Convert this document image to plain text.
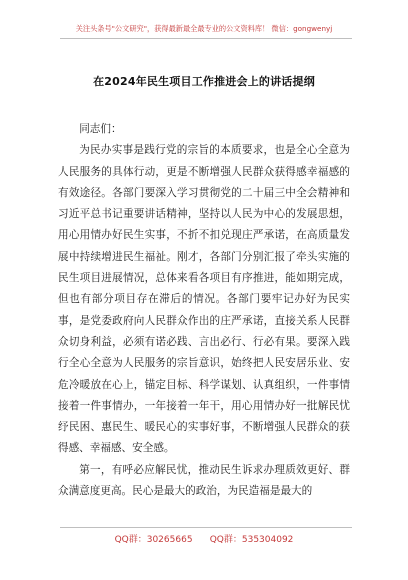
关注头条号"公文研究"，获得最新最全最专业的公文资料库！ 微信：gongwenyj
在2024年民生项目工作推进会上的讲话提纲

同志们：

为民办实事是践行党的宗旨的本质要求，也是全心全意为人民服务的具体行动，更是不断增强人民群众获得感幸福感的有效途径。各部门要深入学习贯彻党的二十届三中全会精神和习近平总书记重要讲话精神，坚持以人民为中心的发展思想，用心用情办好民生实事，不折不扣兑现庄严承诺，在高质量发展中持续增进民生福祉。刚才，各部门分别汇报了牵头实施的民生项目进展情况，总体来看各项目有序推进，能如期完成，但也有部分项目存在滞后的情况。各部门要牢记办好为民实事，是党委政府向人民群众作出的庄严承诺，直接关系人民群众切身利益，必须有诺必践、言出必行、行必有果。要深入践行全心全意为人民服务的宗旨意识，始终把人民安居乐业、安危冷暖放在心上，锚定目标、科学谋划、认真组织，一件事情接着一件事情办，一年接着一年干，用心用情办好一批解民忧纾民困、惠民生、暖民心的实事好事，不断增强人民群众的获得感、幸福感、安全感。

第一，有呼必应解民忧，推动民生诉求办理质效更好、群众满意度更高。民心是最大的政治，为民造福是最大的

QQ群：30265665      QQ群：535304092
